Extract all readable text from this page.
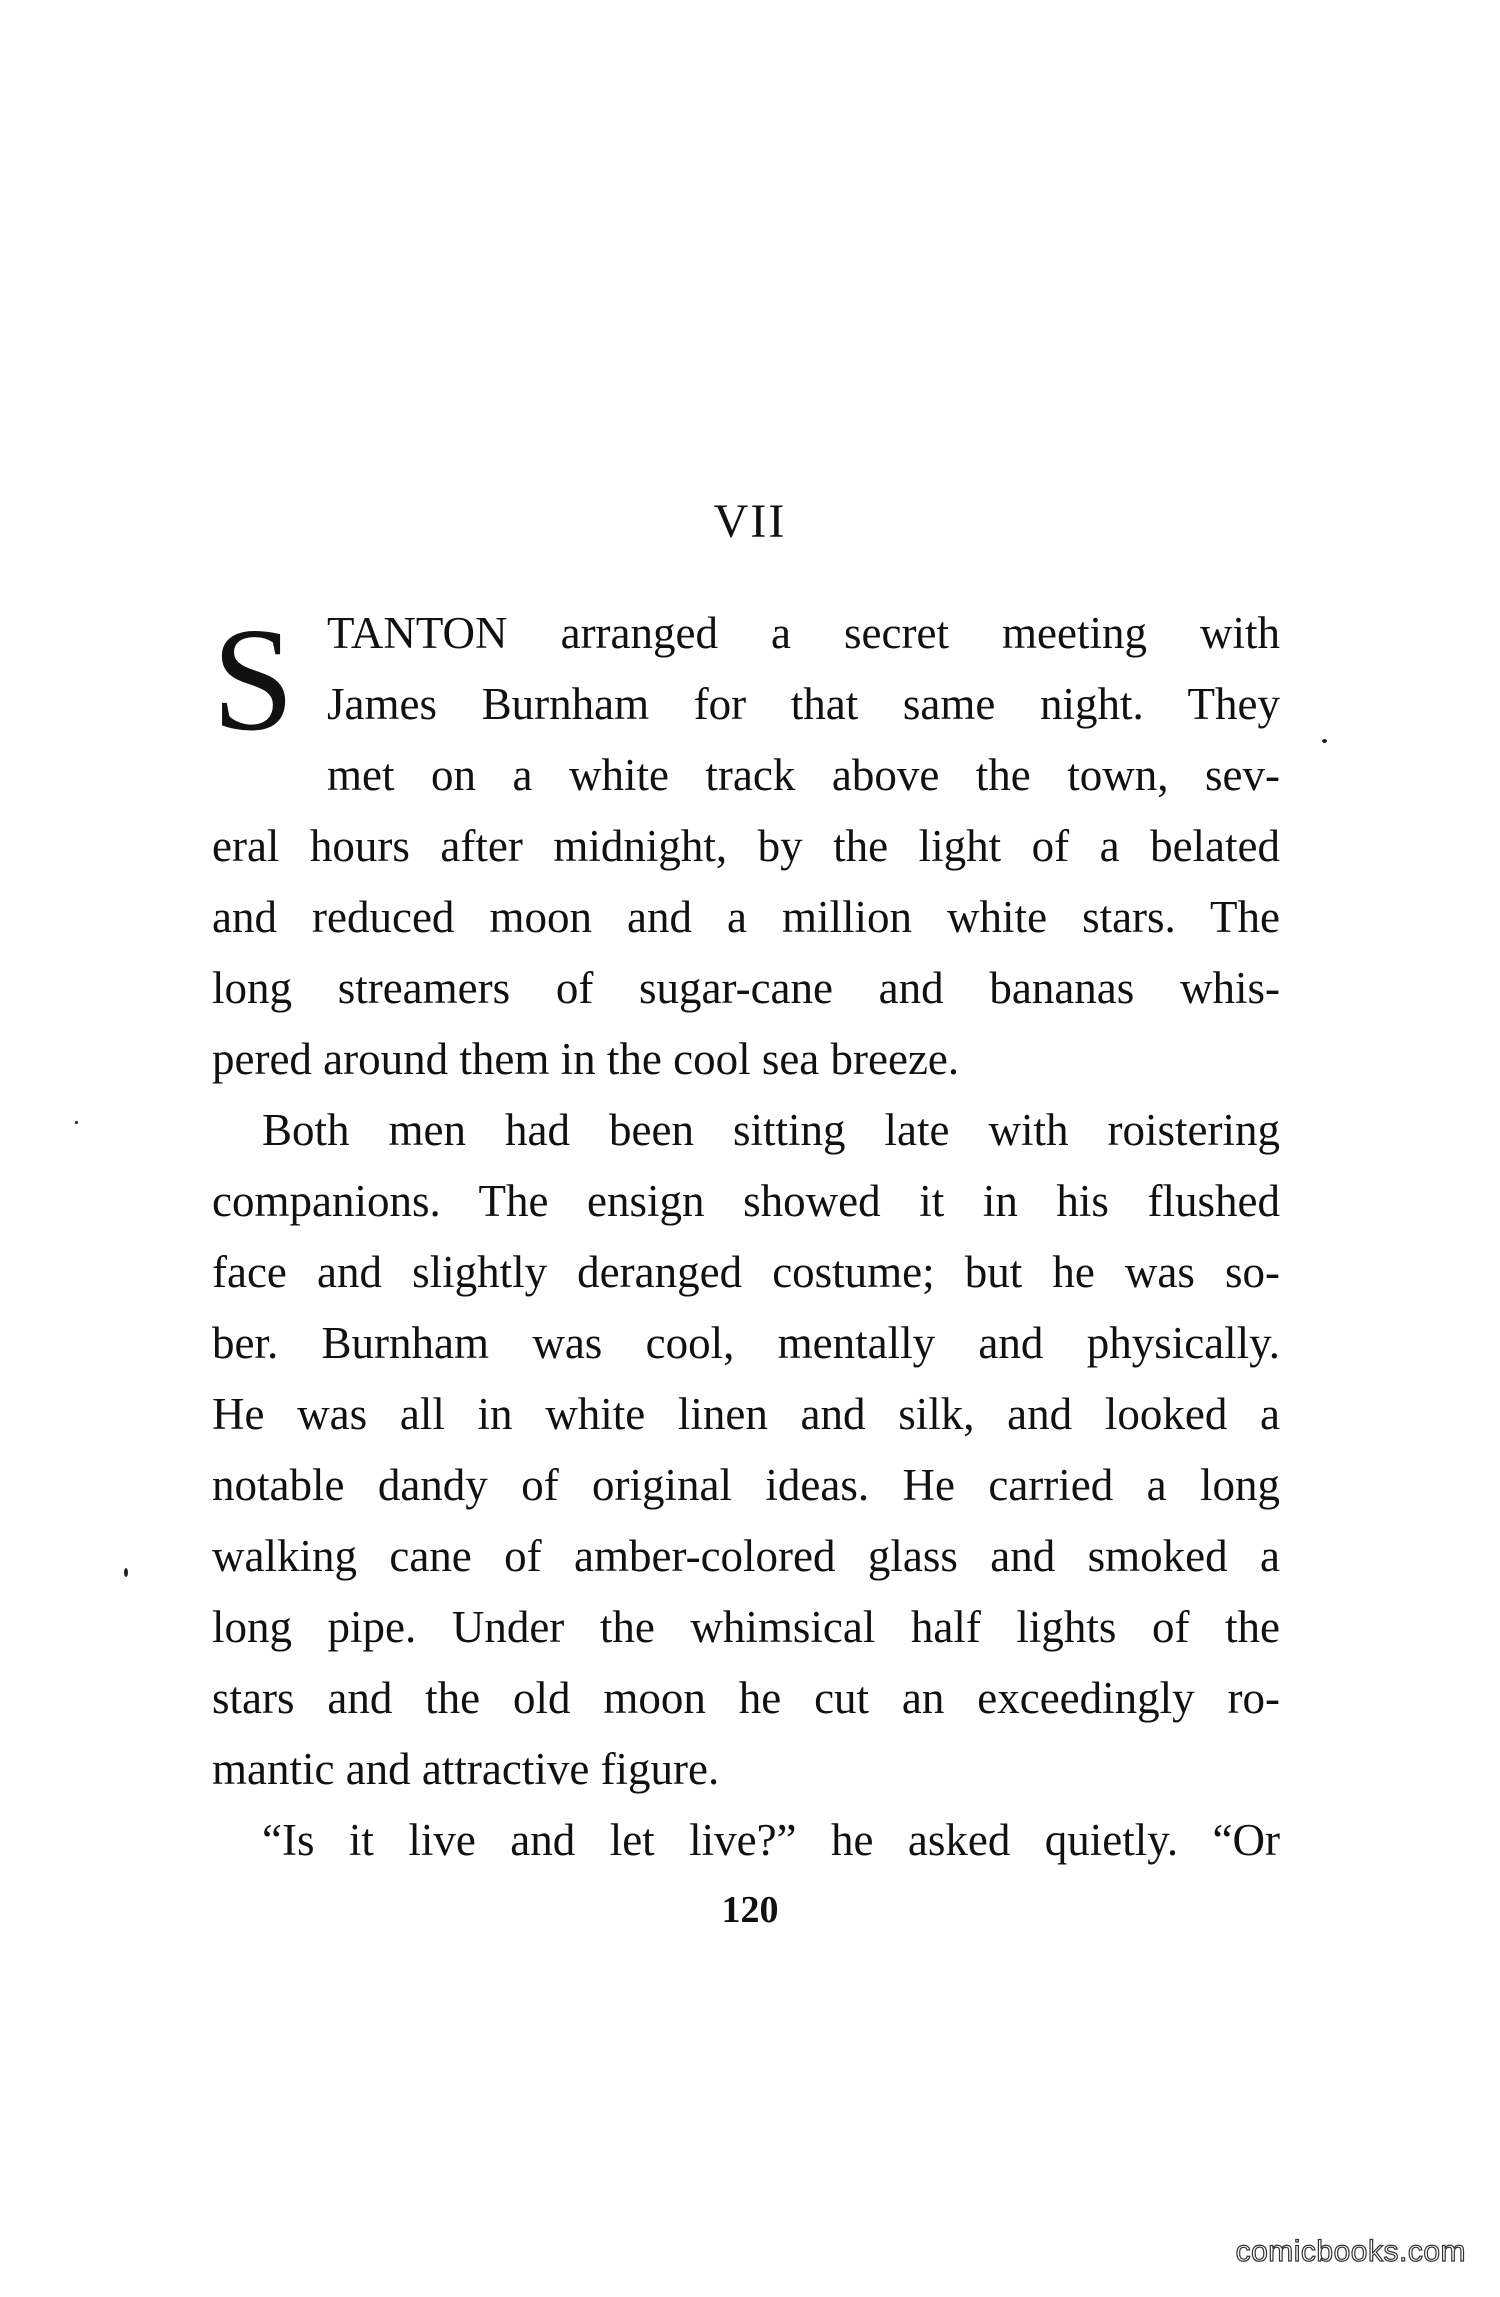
VII
S TANTON arranged a secret meeting with
James Burnham for that same night. They
met on a white track above the town, sev-
eral hours after midnight, by the light of a belated
and reduced moon and a million white stars. The
long streamers of sugar-cane and bananas whis-
pered around them in the cool sea breeze.
Both men had been sitting late with roistering
companions. The ensign showed it in his flushed
face and slightly deranged costume; but he was so-
ber. Burnham was cool, mentally and physically.
He was all in white linen and silk, and looked a
notable dandy of original ideas. He carried a long
walking cane of amber-colored glass and smoked a
long pipe. Under the whimsical half lights of the
stars and the old moon he cut an exceedingly ro-
mantic and attractive figure.
“Is it live and let live?” he asked quietly. “Or
120
comicbooks.com
